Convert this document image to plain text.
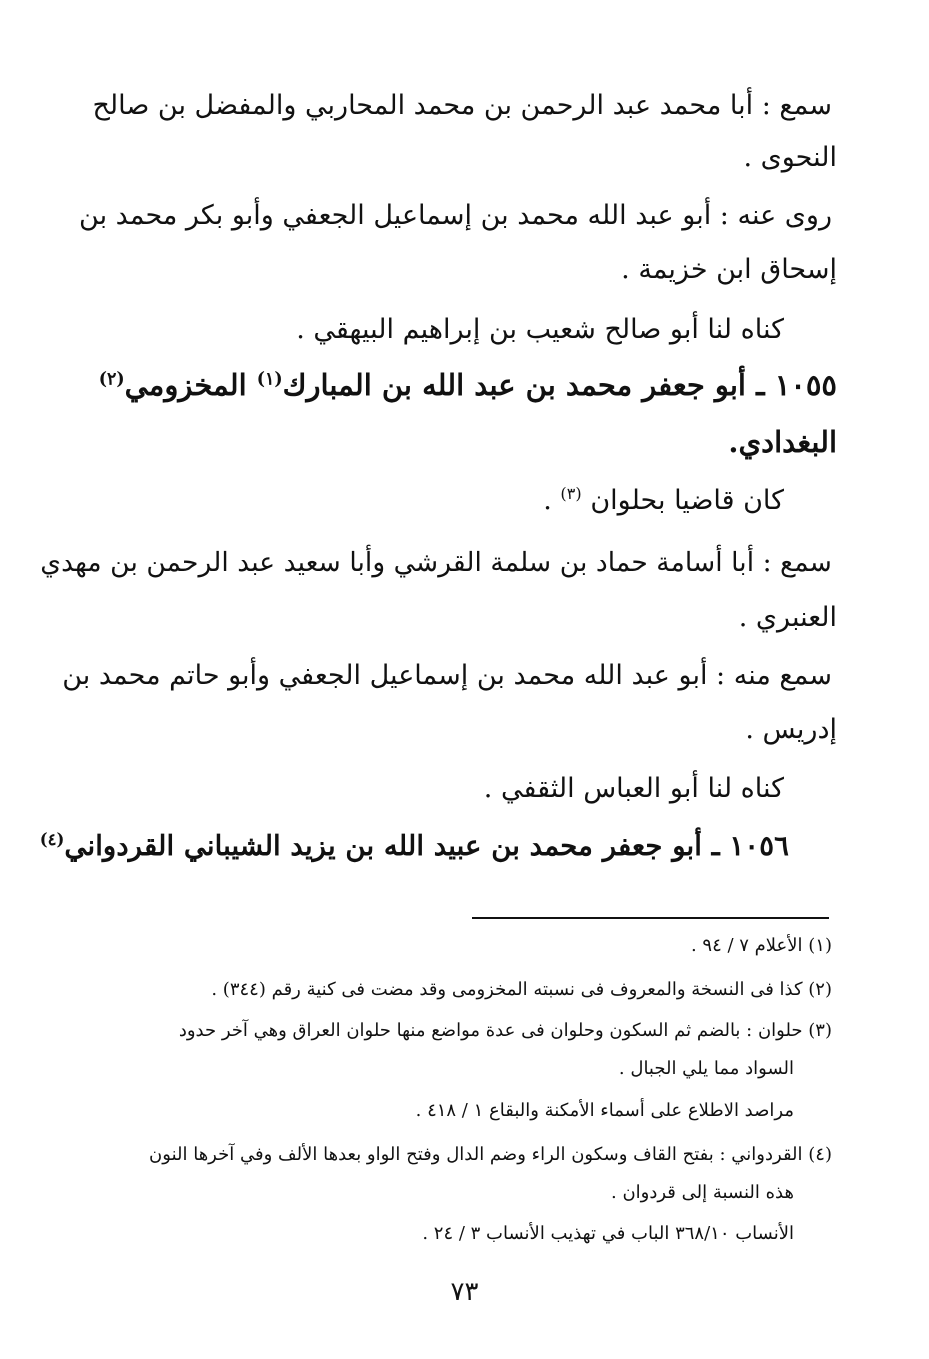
سمع : أبا محمد عبد الرحمن بن محمد المحاربي والمفضل بن صالح
النحوى .
روى عنه : أبو عبد الله محمد بن إسماعيل الجعفي وأبو بكر محمد بن
إسحاق ابن خزيمة .
كناه لنا أبو صالح شعيب بن إبراهيم البيهقي .
١٠٥٥ ـ أبو جعفر محمد بن عبد الله بن المبارك$^{(١)}$ المخزومي$^{(٢)}$
البغدادي.
كان قاضيا بحلوان $^{(٣)}$ .
سمع : أبا أسامة حماد بن سلمة القرشي وأبا سعيد عبد الرحمن بن مهدي
العنبري .
سمع منه : أبو عبد الله محمد بن إسماعيل الجعفي وأبو حاتم محمد بن
إدريس .
كناه لنا أبو العباس الثقفي .
١٠٥٦ ـ أبو جعفر محمد بن عبيد الله بن يزيد الشيباني القردواني$^{(٤)}$
(١) الأعلام ٧ / ٩٤ .
(٢) كذا فى النسخة والمعروف فى نسبته المخزومى وقد مضت فى كنية رقم (٣٤٤) .
(٣) حلوان : بالضم ثم السكون وحلوان فى عدة مواضع منها حلوان العراق وهي آخر حدود
السواد مما يلي الجبال .
مراصد الاطلاع على أسماء الأمكنة والبقاع ١ / ٤١٨ .
(٤) القردواني : بفتح القاف وسكون الراء وضم الدال وفتح الواو بعدها الألف وفي آخرها النون
هذه النسبة إلى قردوان .
الأنساب ٣٦٨/١٠ الباب في تهذيب الأنساب ٣ / ٢٤ .
٧٣
